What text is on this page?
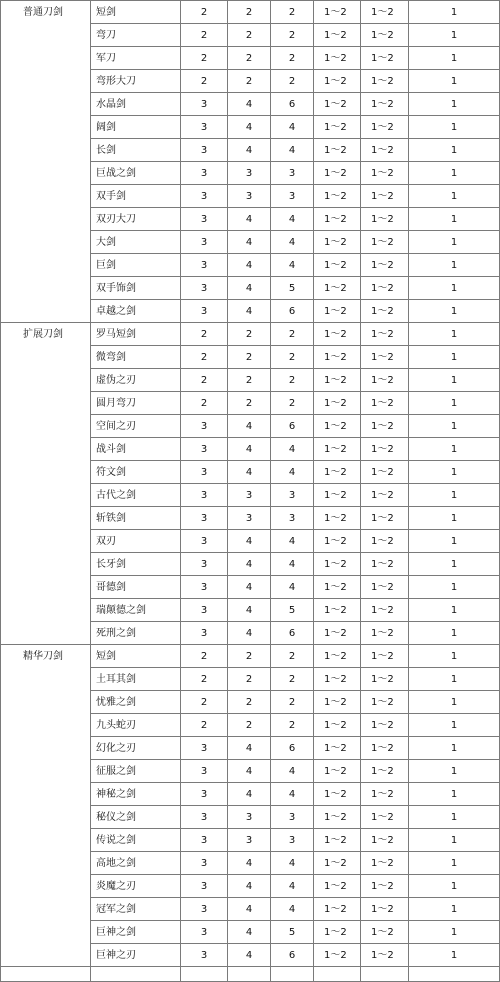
普通刀剑	短剑	2	2	2	1～2	1～2	1
	弯刀	2	2	2	1～2	1～2	1
	军刀	2	2	2	1～2	1～2	1
	弯形大刀	2	2	2	1～2	1～2	1
	水晶剑	3	4	6	1～2	1～2	1
	阔剑	3	4	4	1～2	1～2	1
	长剑	3	4	4	1～2	1～2	1
	巨战之剑	3	3	3	1～2	1～2	1
	双手剑	3	3	3	1～2	1～2	1
	双刃大刀	3	4	4	1～2	1～2	1
	大剑	3	4	4	1～2	1～2	1
	巨剑	3	4	4	1～2	1～2	1
	双手饰剑	3	4	5	1～2	1～2	1
	卓越之剑	3	4	6	1～2	1～2	1
扩展刀剑	罗马短剑	2	2	2	1～2	1～2	1
	微弯剑	2	2	2	1～2	1～2	1
	虚伪之刃	2	2	2	1～2	1～2	1
	圆月弯刀	2	2	2	1～2	1～2	1
	空间之刃	3	4	6	1～2	1～2	1
	战斗剑	3	4	4	1～2	1～2	1
	符文剑	3	4	4	1～2	1～2	1
	古代之剑	3	3	3	1～2	1～2	1
	斩铁剑	3	3	3	1～2	1～2	1
	双刃	3	4	4	1～2	1～2	1
	长牙剑	3	4	4	1～2	1～2	1
	哥德剑	3	4	4	1～2	1～2	1
	瑞颠德之剑	3	4	5	1～2	1～2	1
	死刑之剑	3	4	6	1～2	1～2	1
精华刀剑	短剑	2	2	2	1～2	1～2	1
	土耳其剑	2	2	2	1～2	1～2	1
	忧雅之剑	2	2	2	1～2	1～2	1
	九头蛇刃	2	2	2	1～2	1～2	1
	幻化之刃	3	4	6	1～2	1～2	1
	征服之剑	3	4	4	1～2	1～2	1
	神秘之剑	3	4	4	1～2	1～2	1
	秘仪之剑	3	3	3	1～2	1～2	1
	传说之剑	3	3	3	1～2	1～2	1
	高地之剑	3	4	4	1～2	1～2	1
	炎魔之刃	3	4	4	1～2	1～2	1
	冠军之剑	3	4	4	1～2	1～2	1
	巨神之剑	3	4	5	1～2	1～2	1
	巨神之刃	3	4	6	1～2	1～2	1
